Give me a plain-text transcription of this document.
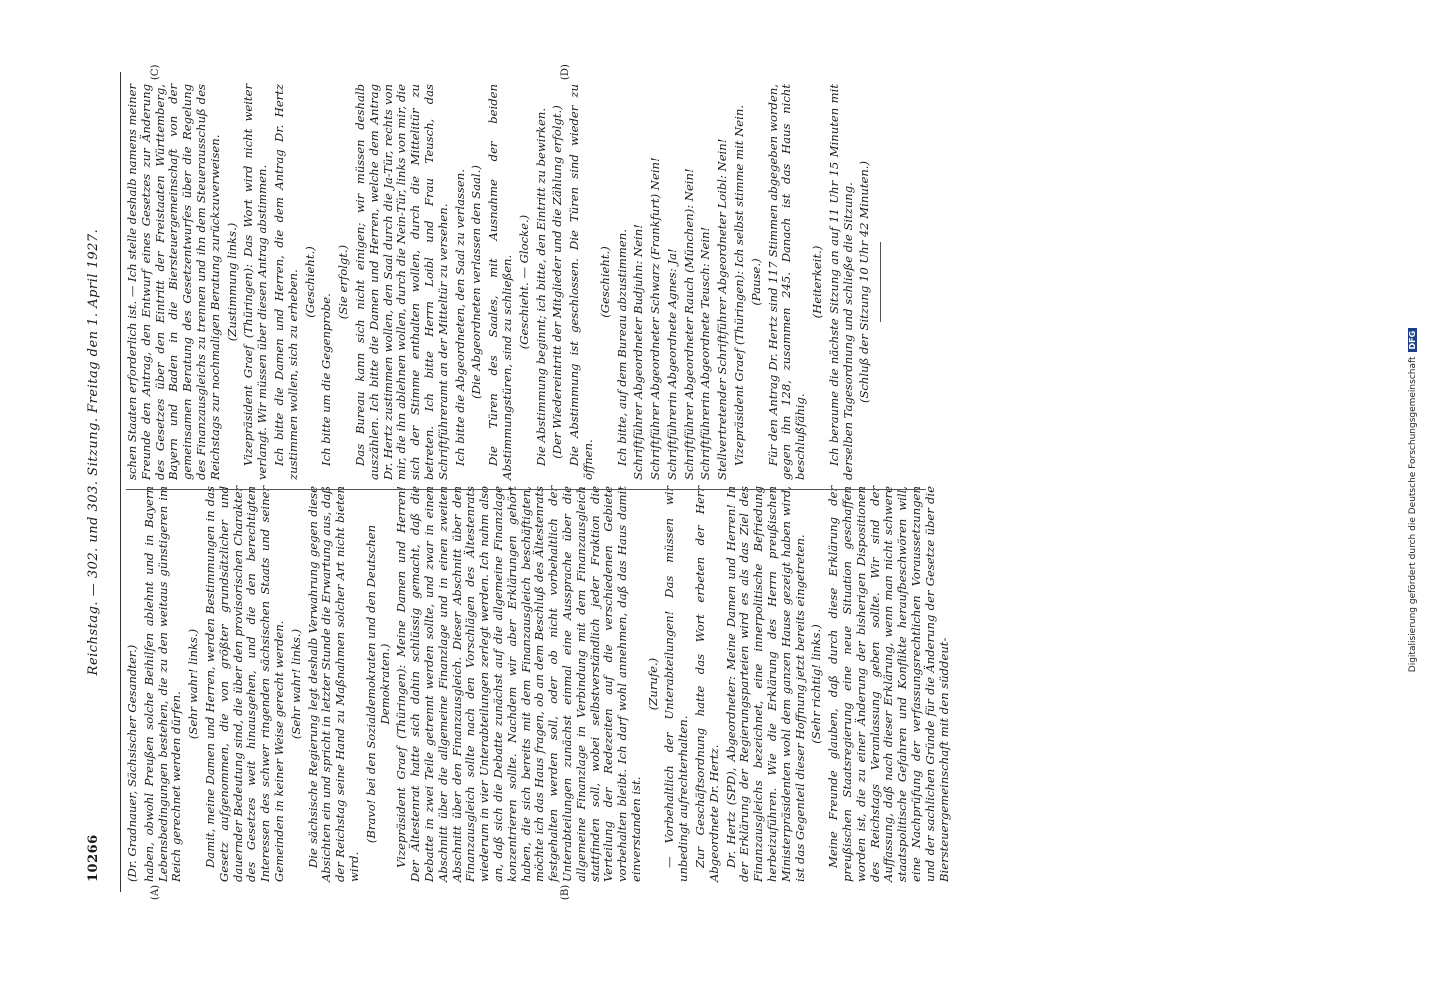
10266
Reichstag. — 302. und 303. Sitzung. Freitag den 1. April 1927.
(A)	(B)
(C)	(D)

(Dr. Gradnauer, Sächsischer Gesandter.) haben, obwohl Preußen solche Beihilfen ablehnt und in Bayern Lebensbedingungen bestehen, die zu den weitaus günstigeren im Reich gerechnet werden dürfen.

(Sehr wahr! links.) Damit, meine Damen und Herren, werden Bestimmungen in das Gesetz aufgenommen, die von größter grundsätzlicher und dauernder Bedeutung sind, die über den provisorischen Charakter des Gesetzes weit hinausgehen, und die den berechtigten Interessen des schwer ringenden sächsischen Staats und seiner Gemeinden in keiner Weise gerecht werden. (Sehr wahr! links.) Die sächsische Regierung legt deshalb Verwahrung gegen diese Absichten ein und spricht in letzter Stunde die Erwartung aus, daß der Reichstag seine Hand zu Maßnahmen solcher Art nicht bieten wird.

(Bravo! bei den Sozialdemokraten und den Deutschen Demokraten.) Vizepräsident Graef (Thüringen): Meine Damen und Herren! Der Ältestenrat hatte sich dahin schlüssig gemacht, daß die Debatte in zwei Teile getrennt werden sollte, und zwar in einen Abschnitt über die allgemeine Finanzlage und in einen zweiten Abschnitt über den Finanzausgleich. Dieser Abschnitt über den Finanzausgleich sollte nach den Vorschlägen des Ältestenrats wiederum in vier Unterabteilungen zerlegt werden. Ich nahm also an, daß sich die Debatte zunächst auf die allgemeine Finanzlage konzentrieren sollte. Nachdem wir aber Erklärungen gehört haben, die sich bereits mit dem Finanzausgleich beschäftigten, möchte ich das Haus fragen, ob an dem Beschluß des Ältestenrats festgehalten werden soll, oder ob nicht vorbehaltlich der Unterabteilungen zunächst einmal eine Aussprache über die allgemeine Finanzlage in Verbindung mit dem Finanzausgleich stattfinden soll, wobei selbstverständlich jeder Fraktion die Verteilung der Redezeiten auf die verschiedenen Gebiete vorbehalten bleibt. Ich darf wohl annehmen, daß das Haus damit einverstanden ist.

(Zurufe.) — Vorbehaltlich der Unterabteilungen! Das müssen wir unbedingt aufrechterhalten. Zur Geschäftsordnung hatte das Wort erbeten der Herr Abgeordnete Dr. Hertz. Dr. Hertz (SPD), Abgeordneter: Meine Damen und Herren! In der Erklärung der Regierungsparteien wird es als das Ziel des Finanzausgleichs bezeichnet, eine innerpolitische Befriedung herbeizuführen. Wie die Erklärung des Herrn preußischen Ministerpräsidenten wohl dem ganzen Hause gezeigt haben wird, ist das Gegenteil dieser Hoffnung jetzt bereits eingetreten. (Sehr richtig! links.) Meine Freunde glauben, daß durch diese Erklärung der preußischen Staatsregierung eine neue Situation geschaffen worden ist, die zu einer Änderung der bisherigen Dispositionen des Reichstags Veranlassung geben sollte. Wir sind der Auffassung, daß nach dieser Erklärung, wenn man nicht schwere staatspolitische Gefahren und Konflikte heraufbeschwören will, eine Nachprüfung der verfassungsrechtlichen Voraussetzungen und der sachlichen Gründe für die Änderung der Gesetze über die Biersteuergemeinschaft mit den süddeut-

schen Staaten erforderlich ist. — Ich stelle deshalb namens meiner Freunde den Antrag, den Entwurf eines Gesetzes zur Änderung des Gesetzes über den Eintritt der Freistaaten Württemberg, Bayern und Baden in die Biersteuergemeinschaft von der gemeinsamen Beratung des Gesetzentwurfes über die Regelung des Finanzausgleichs zu trennen und ihn dem Steuerausschuß des Reichstags zur nochmaligen Beratung zurückzuverweisen. (Zustimmung links.) Vizepräsident Graef (Thüringen): Das Wort wird nicht weiter verlangt. Wir müssen über diesen Antrag abstimmen. Ich bitte die Damen und Herren, die dem Antrag Dr. Hertz zustimmen wollen, sich zu erheben. (Geschieht.)

Ich bitte um die Gegenprobe.

(Sie erfolgt.) Das Bureau kann sich nicht einigen; wir müssen deshalb auszählen. Ich bitte die Damen und Herren, welche dem Antrag Dr. Hertz zustimmen wollen, den Saal durch die Ja-Tür, rechts von mir, die ihn ablehnen wollen, durch die Nein-Tür, links von mir, die sich der Stimme enthalten wollen, durch die Mittelitür zu betreten. Ich bitte Herrn Loibl und Frau Teusch, das Schriftführeramt an der Mitteltür zu versehen. Ich bitte die Abgeordneten, den Saal zu verlassen. (Die Abgeordneten verlassen den Saal.) Die Türen des Saales, mit Ausnahme der beiden Abstimmungstüren, sind zu schließen. (Geschieht. — Glocke.) Die Abstimmung beginnt; ich bitte, den Eintritt zu bewirken. (Der Wiedereintritt der Mitglieder und die Zählung erfolgt.) Die Abstimmung ist geschlossen. Die Türen sind wieder zu öffnen.

(Geschieht.) Ich bitte, auf dem Bureau abzustimmen. Schriftführer Abgeordneter Budjuhn: Nein! Schriftführer Abgeordneter Schwarz (Frankfurt) Nein! Schriftführerin Abgeordnete Agnes: Ja! Schriftführer Abgeordneter Rauch (München): Nein! Schriftführerin Abgeordnete Teusch: Nein! Stellvertretender Schriftführer Abgeordneter Loibl: Nein! Vizepräsident Graef (Thüringen): Ich selbst stimme mit Nein. (Pause.) Für den Antrag Dr. Hertz sind 117 Stimmen abgegeben worden, gegen ihn 128, zusammen 245. Danach ist das Haus nicht beschlußfähig.

(Heiterkeit.) Ich beraume die nächste Sitzung an auf 11 Uhr 15 Minuten mit derselben Tagesordnung und schließe die Sitzung. (Schluß der Sitzung 10 Uhr 42 Minuten.)

Digitalisierung gefördert durch die Deutsche ForschungsgemeinschaftDFG
